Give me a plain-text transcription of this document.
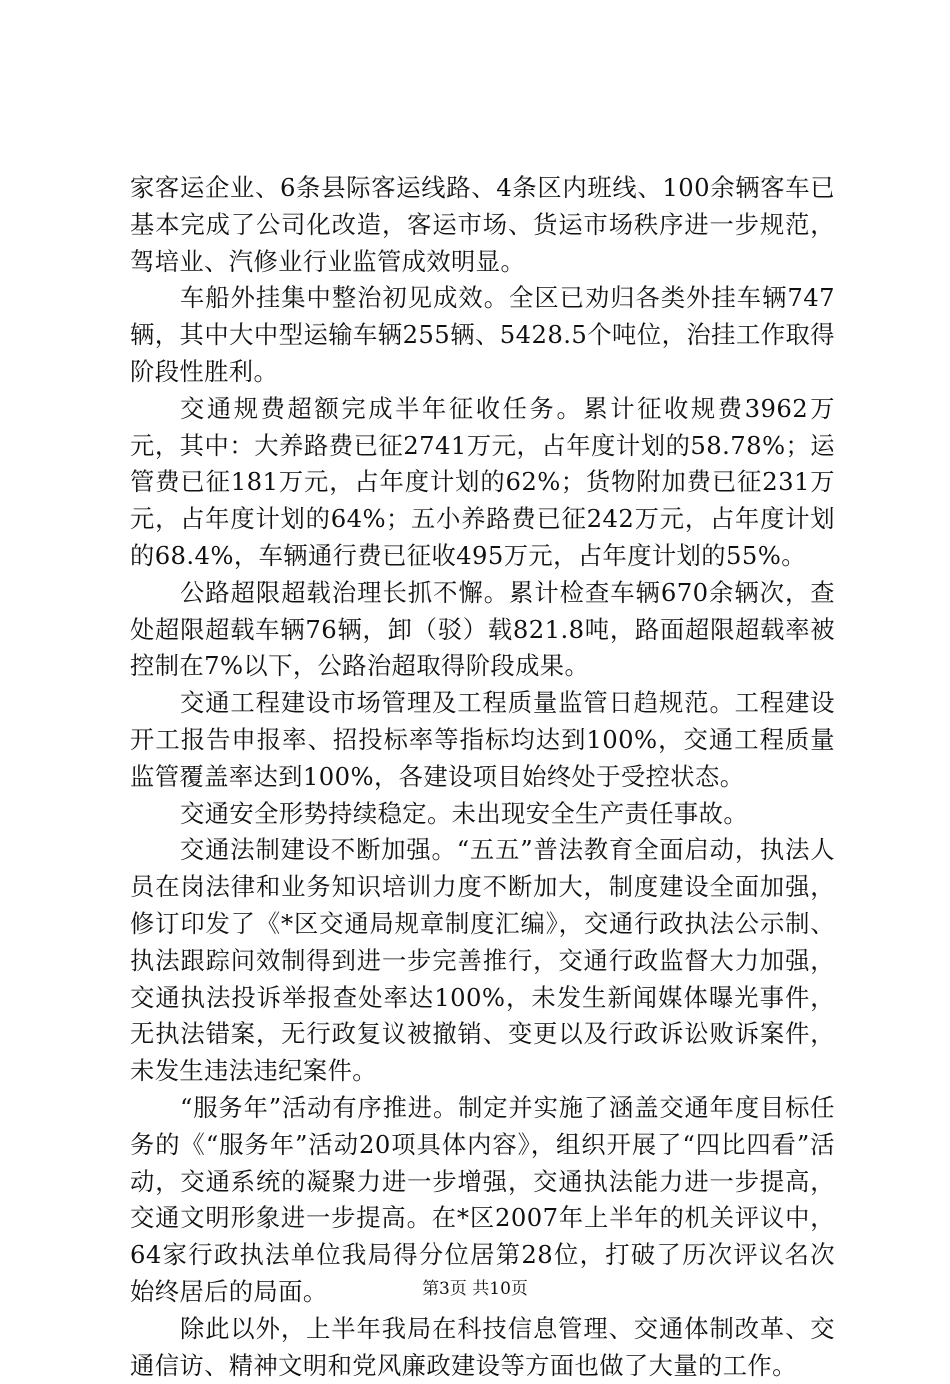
家客运企业、6条县际客运线路、4条区内班线、100余辆客车已基本完成了公司化改造，客运市场、货运市场秩序进一步规范，驾培业、汽修业行业监管成效明显。

车船外挂集中整治初见成效。全区已劝归各类外挂车辆747辆，其中大中型运输车辆255辆、5428.5个吨位，治挂工作取得阶段性胜利。

交通规费超额完成半年征收任务。累计征收规费3962万元，其中：大养路费已征2741万元，占年度计划的58.78%；运管费已征181万元，占年度计划的62%；货物附加费已征231万元，占年度计划的64%；五小养路费已征242万元，占年度计划的68.4%，车辆通行费已征收495万元，占年度计划的55%。

公路超限超载治理长抓不懈。累计检查车辆670余辆次，查处超限超载车辆76辆，卸（驳）载821.8吨，路面超限超载率被控制在7%以下，公路治超取得阶段成果。

交通工程建设市场管理及工程质量监管日趋规范。工程建设开工报告申报率、招投标率等指标均达到100%，交通工程质量监管覆盖率达到100%，各建设项目始终处于受控状态。

交通安全形势持续稳定。未出现安全生产责任事故。

交通法制建设不断加强。“五五”普法教育全面启动，执法人员在岗法律和业务知识培训力度不断加大，制度建设全面加强，修订印发了《*区交通局规章制度汇编》，交通行政执法公示制、执法跟踪问效制得到进一步完善推行，交通行政监督大力加强，交通执法投诉举报查处率达100%，未发生新闻媒体曝光事件，无执法错案，无行政复议被撤销、变更以及行政诉讼败诉案件，未发生违法违纪案件。

“服务年”活动有序推进。制定并实施了涵盖交通年度目标任务的《“服务年”活动20项具体内容》，组织开展了“四比四看”活动，交通系统的凝聚力进一步增强，交通执法能力进一步提高，交通文明形象进一步提高。在*区2007年上半年的机关评议中，64家行政执法单位我局得分位居第28位，打破了历次评议名次始终居后的局面。

除此以外，上半年我局在科技信息管理、交通体制改革、交通信访、精神文明和党风廉政建设等方面也做了大量的工作。

第3页 共10页
